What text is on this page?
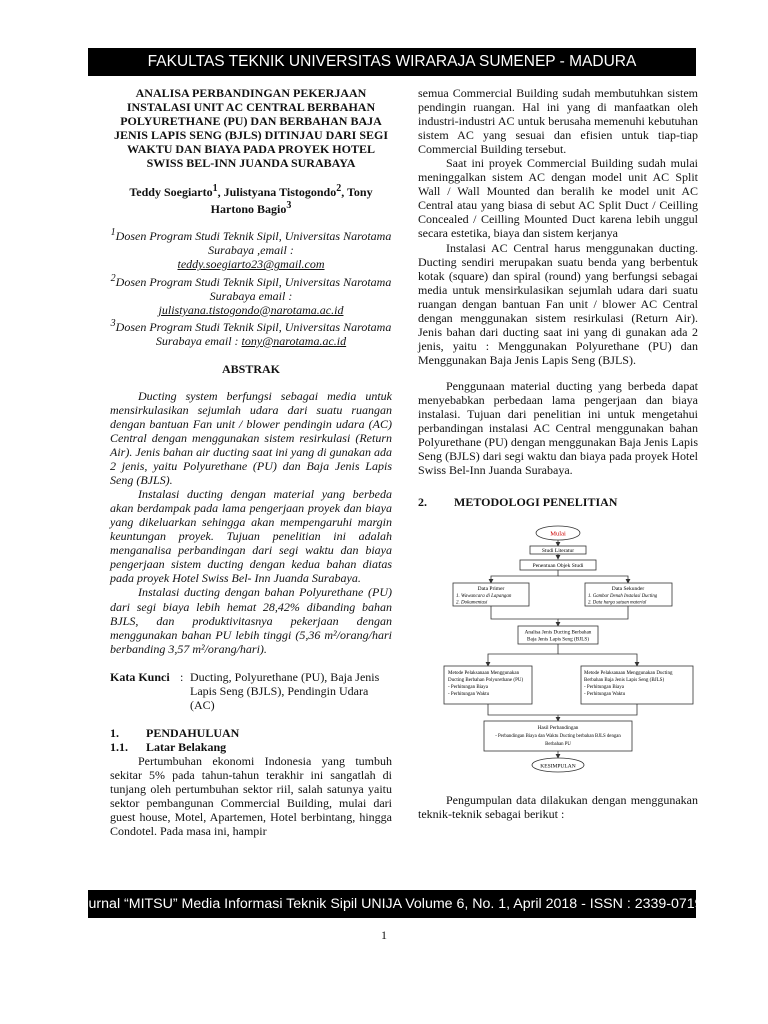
FAKULTAS TEKNIK UNIVERSITAS WIRARAJA SUMENEP - MADURA
ANALISA PERBANDINGAN PEKERJAAN INSTALASI UNIT AC CENTRAL BERBAHAN POLYURETHANE (PU) DAN BERBAHAN BAJA JENIS LAPIS SENG (BJLS) DITINJAU DARI SEGI WAKTU DAN BIAYA PADA PROYEK HOTEL SWISS BEL-INN JUANDA SURABAYA
Teddy Soegiarto$^1$, Julistyana Tistogondo$^2$, Tony Hartono Bagio$^3$
$^1$Dosen Program Studi Teknik Sipil, Universitas Narotama Surabaya ,email :
teddy.soegiarto23@gmail.com
$^2$Dosen Program Studi Teknik Sipil, Universitas Narotama Surabaya email :
julistyana.tistogondo@narotama.ac.id
$^3$Dosen Program Studi Teknik Sipil, Universitas Narotama Surabaya email : tony@narotama.ac.id
ABSTRAK
Ducting system berfungsi sebagai media untuk mensirkulasikan sejumlah udara dari suatu ruangan dengan bantuan Fan unit / blower pendingin udara (AC) Central dengan menggunakan sistem resirkulasi (Return Air). Jenis bahan air ducting saat ini yang di gunakan ada 2 jenis, yaitu Polyurethane (PU) dan Baja Jenis Lapis Seng (BJLS).
Instalasi ducting dengan material yang berbeda akan berdampak pada lama pengerjaan proyek dan biaya yang dikeluarkan sehingga akan mempengaruhi margin keuntungan proyek. Tujuan penelitian ini adalah menganalisa perbandingan dari segi waktu dan biaya pengerjaan sistem ducting dengan kedua bahan diatas pada proyek Hotel Swiss Bel- Inn Juanda Surabaya.
Instalasi ducting dengan bahan Polyurethane (PU) dari segi biaya lebih hemat 28,42% dibanding bahan BJLS, dan produktivitasnya pekerjaan dengan menggunakan bahan PU lebih tinggi (5,36 m²/orang/hari berbanding 3,57 m²/orang/hari).
Kata Kunci : Ducting, Polyurethane (PU), Baja Jenis Lapis Seng (BJLS), Pendingin Udara (AC)
1.	PENDAHULUAN
1.1.	Latar Belakang
Pertumbuhan ekonomi Indonesia yang tumbuh sekitar 5% pada tahun-tahun terakhir ini sangatlah di tunjang oleh pertumbuhan sektor riil, salah satunya yaitu sektor pembangunan Commercial Building, mulai dari guest house, Motel, Apartemen, Hotel berbintang, hingga Condotel. Pada masa ini, hampir
semua Commercial Building sudah membutuhkan sistem pendingin ruangan. Hal ini yang di manfaatkan oleh industri-industri AC untuk berusaha memenuhi kebutuhan sistem AC yang sesuai dan efisien untuk tiap-tiap Commercial Building tersebut.
Saat ini proyek Commercial Building sudah mulai meninggalkan sistem AC dengan model unit AC Split Wall / Wall Mounted dan beralih ke model unit AC Central atau yang biasa di sebut AC Split Duct / Ceilling Concealed / Ceilling Mounted Duct karena lebih unggul secara estetika, biaya dan sistem kerjanya
Instalasi AC Central harus menggunakan ducting. Ducting sendiri merupakan suatu benda yang berbentuk kotak (square) dan spiral (round) yang berfungsi sebagai media untuk mensirkulasikan sejumlah udara dari suatu ruangan dengan bantuan Fan unit / blower AC Central dengan menggunakan sistem resirkulasi (Return Air). Jenis bahan dari ducting saat ini yang di gunakan ada 2 jenis, yaitu : Menggunakan Polyurethane (PU) dan Menggunakan Baja Jenis Lapis Seng (BJLS).
Penggunaan material ducting yang berbeda dapat menyebabkan perbedaan lama pengerjaan dan biaya instalasi. Tujuan dari penelitian ini untuk mengetahui perbandingan instalasi AC Central menggunakan bahan Polyurethane (PU) dengan menggunakan Baja Jenis Lapis Seng (BJLS) dari segi waktu dan biaya pada proyek Hotel Swiss Bel-Inn Juanda Surabaya.
2.	METODOLOGI PENELITIAN
Mulai
Studi Literatur
Penentuan Objek Studi
Data Primer
1. Wawancara di Lapangan
2. Dokumentasi
Data Sekunder
1. Gambar Denah Instalasi Ducting
2. Data harga satuan material
Analisa Jenis Ducting Berbahan
Baja Jenis Lapis Seng (BJLS)
Metode Pelaksanaan Menggunakan
Ducting Berbahan Polyurethane (PU)
- Perhitungan Biaya
- Perhitungan Waktu
Metode Pelaksanaan Menggunakan Ducting
Berbahan Baja Jenis Lapis Seng (BJLS)
- Perhitungan Biaya
- Perhitungan Waktu
Hasil Perbandingan
- Perbandingan Biaya dan Waktu Ducting berbahan BJLS dengan
Berbahan PU
KESIMPULAN
Pengumpulan data dilakukan dengan menggunakan teknik-teknik sebagai berikut :
Jurnal “MITSU” Media Informasi Teknik Sipil UNIJA Volume 6, No. 1, April 2018 - ISSN : 2339-0719
1
